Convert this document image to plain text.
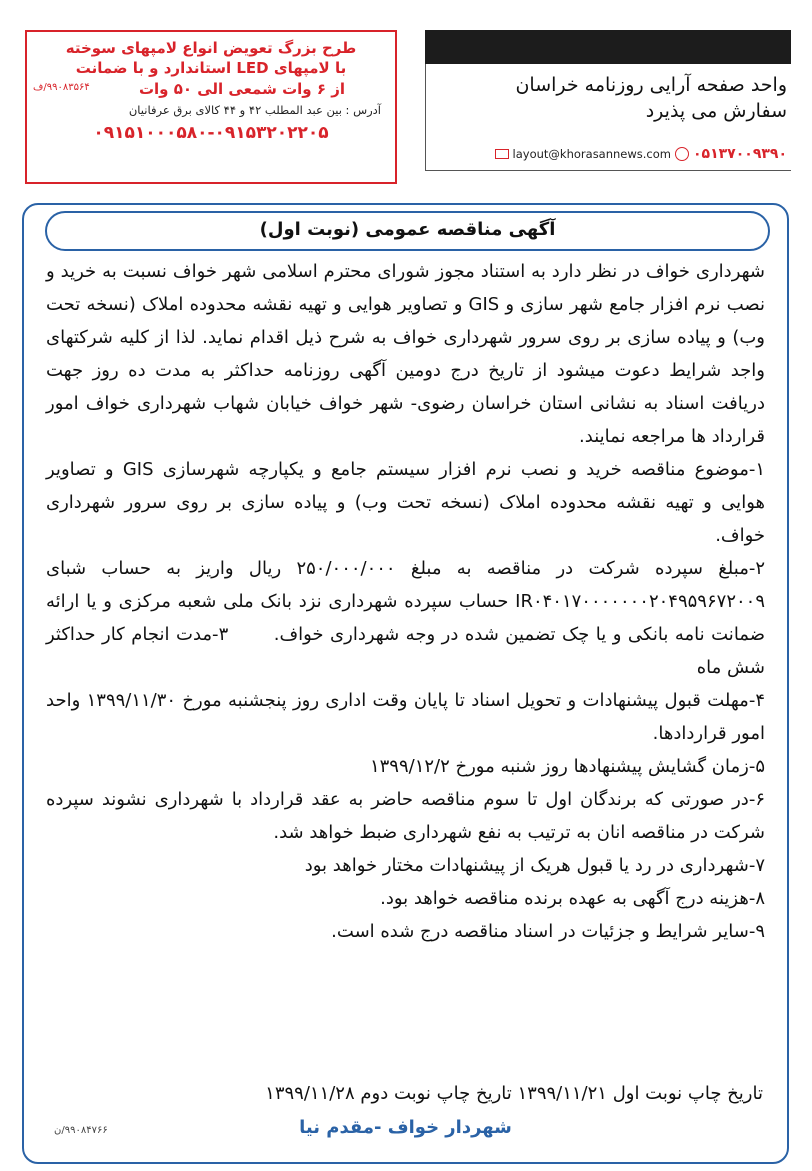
طرح بزرگ تعویض انواع لامپهای سوخته
با لامپهای LED استاندارد و با ضمانت
از ۶ وات شمعی الی ۵۰ وات
۹۹۰۸۳۵۶۴/ف
آدرس : بین عبد المطلب ۴۲ و ۴۴ کالای برق عرفانیان
۰۹۱۵۱۰۰۰۵۸۰-۰۹۱۵۳۲۰۲۲۰۵
واحد صفحه آرایی روزنامه خراسان
سفارش می پذیرد
layout@khorasannews.com ۰۵۱۳۷۰۰۹۳۹۰
آگهی مناقصه عمومی (نوبت اول)

شهرداری خواف در نظر دارد به استناد مجوز شورای محترم اسلامی شهر خواف نسبت به خرید و نصب نرم افزار جامع شهر سازی و GIS و تصاویر هوایی و تهیه نقشه محدوده املاک (نسخه تحت وب) و پیاده سازی بر روی سرور شهرداری خواف به شرح ذیل اقدام نماید. لذا از کلیه شرکتهای واجد شرایط دعوت میشود از تاریخ درج دومین آگهی روزنامه حداکثر به مدت ده روز جهت دریافت اسناد به نشانی استان خراسان رضوی- شهر خواف خیابان شهاب شهرداری خواف امور قرارداد ها مراجعه نمایند.

۱-موضوع مناقصه خرید و نصب نرم افزار سیستم جامع و یکپارچه شهرسازی GIS و تصاویر هوایی و تهیه نقشه محدوده املاک (نسخه تحت وب) و پیاده سازی بر روی سرور شهرداری خواف.

۲-مبلغ سپرده شرکت در مناقصه به مبلغ ۲۵۰/۰۰۰/۰۰۰ ریال واریز به حساب شبای IR۰۴۰۱۷۰۰۰۰۰۰۰۲۰۴۹۵۹۶۷۲۰۰۹ حساب سپرده شهرداری نزد بانک ملی شعبه مرکزی و یا ارائه ضمانت نامه بانکی و یا چک تضمین شده در وجه شهرداری خواف.       ۳-مدت انجام کار حداکثر شش ماه

۴-مهلت قبول پیشنهادات و تحویل اسناد تا پایان وقت اداری روز پنجشنبه مورخ ۱۳۹۹/۱۱/۳۰ واحد امور قراردادها.

۵-زمان گشایش پیشنهادها روز شنبه مورخ ۱۳۹۹/۱۲/۲

۶-در صورتی که برندگان اول تا سوم مناقصه حاضر به عقد قرارداد با شهرداری نشوند سپرده شرکت در مناقصه انان به ترتیب به نفع شهرداری ضبط خواهد شد.

۷-شهرداری در رد یا قبول هریک از پیشنهادات مختار خواهد بود

۸-هزینه درج آگهی به عهده برنده مناقصه خواهد بود.

۹-سایر شرایط و جزئیات در اسناد مناقصه درج شده است.

تاریخ چاپ نوبت اول ۱۳۹۹/۱۱/۲۱ تاریخ چاپ نوبت دوم ۱۳۹۹/۱۱/۲۸
شهردار خواف -مقدم نیا
۹۹۰۸۴۷۶۶/ن
